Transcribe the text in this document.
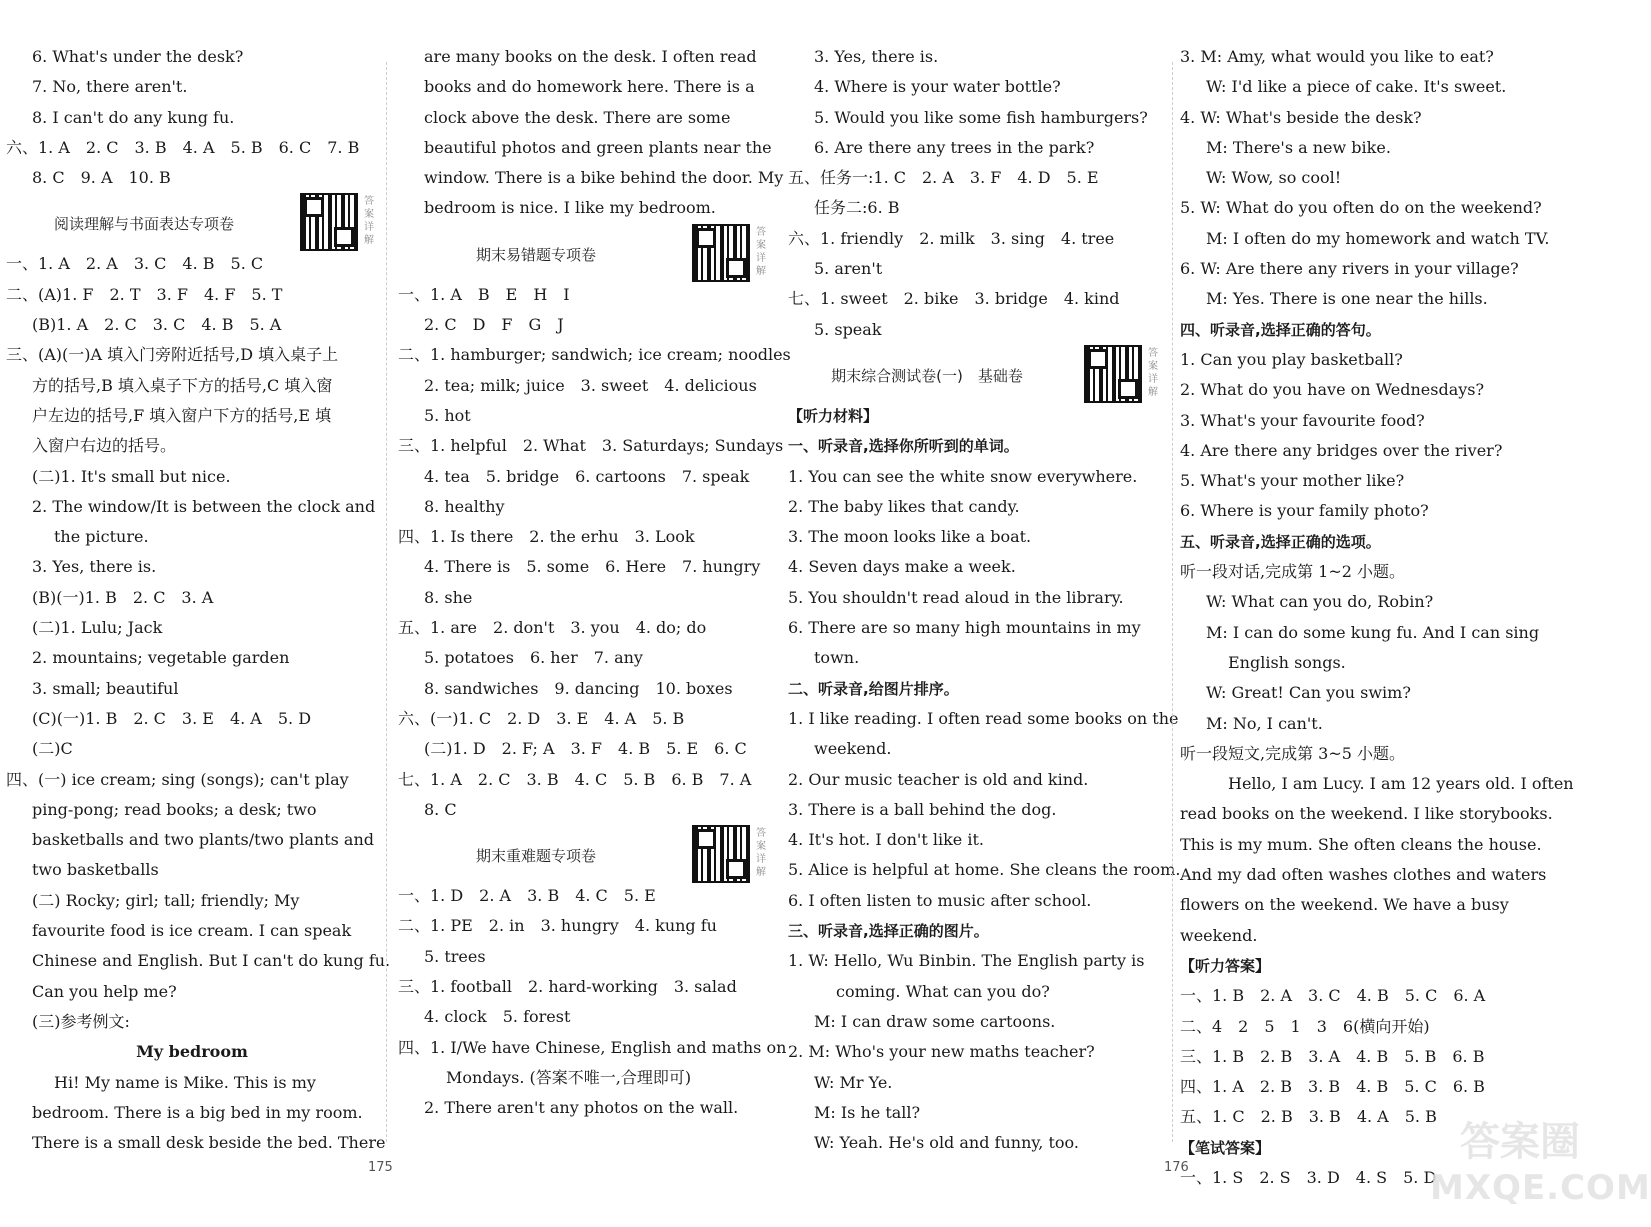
6. What's under the desk?
7. No, there aren't.
8. I can't do any kung fu.
六、1. A　2. C　3. B　4. A　5. B　6. C　7. B
8. C　9. A　10. B
阅读理解与书面表达专项卷
答案详解
一、1. A　2. A　3. C　4. B　5. C
二、(A)1. F　2. T　3. F　4. F　5. T
(B)1. A　2. C　3. C　4. B　5. A
三、(A)(一)A 填入门旁附近括号,D 填入桌子上
方的括号,B 填入桌子下方的括号,C 填入窗
户左边的括号,F 填入窗户下方的括号,E 填
入窗户右边的括号。
(二)1. It's small but nice.
2. The window/It is between the clock and
the picture.
3. Yes, there is.
(B)(一)1. B　2. C　3. A
(二)1. Lulu; Jack
2. mountains; vegetable garden
3. small; beautiful
(C)(一)1. B　2. C　3. E　4. A　5. D
(二)C
四、(一) ice cream; sing (songs); can't play
ping-pong; read books; a desk; two
basketballs and two plants/two plants and
two basketballs
(二) Rocky; girl; tall; friendly; My
favourite food is ice cream. I can speak
Chinese and English. But I can't do kung fu.
Can you help me?
(三)参考例文:
My bedroom
Hi! My name is Mike. This is my
bedroom. There is a big bed in my room.
There is a small desk beside the bed. There
are many books on the desk. I often read
books and do homework here. There is a
clock above the desk. There are some
beautiful photos and green plants near the
window. There is a bike behind the door. My
bedroom is nice. I like my bedroom.
期末易错题专项卷
答案详解
一、1. A　B　E　H　I
2. C　D　F　G　J
二、1. hamburger; sandwich; ice cream; noodles
2. tea; milk; juice　3. sweet　4. delicious
5. hot
三、1. helpful　2. What　3. Saturdays; Sundays
4. tea　5. bridge　6. cartoons　7. speak
8. healthy
四、1. Is there　2. the erhu　3. Look
4. There is　5. some　6. Here　7. hungry
8. she
五、1. are　2. don't　3. you　4. do; do
5. potatoes　6. her　7. any
8. sandwiches　9. dancing　10. boxes
六、(一)1. C　2. D　3. E　4. A　5. B
(二)1. D　2. F; A　3. F　4. B　5. E　6. C
七、1. A　2. C　3. B　4. C　5. B　6. B　7. A
8. C
期末重难题专项卷
答案详解
一、1. D　2. A　3. B　4. C　5. E
二、1. PE　2. in　3. hungry　4. kung fu
5. trees
三、1. football　2. hard-working　3. salad
4. clock　5. forest
四、1. I/We have Chinese, English and maths on
Mondays. (答案不唯一,合理即可)
2. There aren't any photos on the wall.
3. Yes, there is.
4. Where is your water bottle?
5. Would you like some fish hamburgers?
6. Are there any trees in the park?
五、任务一:1. C　2. A　3. F　4. D　5. E
任务二:6. B
六、1. friendly　2. milk　3. sing　4. tree
5. aren't
七、1. sweet　2. bike　3. bridge　4. kind
5. speak
期末综合测试卷(一)　基础卷
答案详解
【听力材料】
一、听录音,选择你所听到的单词。
1. You can see the white snow everywhere.
2. The baby likes that candy.
3. The moon looks like a boat.
4. Seven days make a week.
5. You shouldn't read aloud in the library.
6. There are so many high mountains in my
town.
二、听录音,给图片排序。
1. I like reading. I often read some books on the
weekend.
2. Our music teacher is old and kind.
3. There is a ball behind the dog.
4. It's hot. I don't like it.
5. Alice is helpful at home. She cleans the room.
6. I often listen to music after school.
三、听录音,选择正确的图片。
1. W: Hello, Wu Binbin. The English party is
coming. What can you do?
M: I can draw some cartoons.
2. M: Who's your new maths teacher?
W: Mr Ye.
M: Is he tall?
W: Yeah. He's old and funny, too.
3. M: Amy, what would you like to eat?
W: I'd like a piece of cake. It's sweet.
4. W: What's beside the desk?
M: There's a new bike.
W: Wow, so cool!
5. W: What do you often do on the weekend?
M: I often do my homework and watch TV.
6. W: Are there any rivers in your village?
M: Yes. There is one near the hills.
四、听录音,选择正确的答句。
1. Can you play basketball?
2. What do you have on Wednesdays?
3. What's your favourite food?
4. Are there any bridges over the river?
5. What's your mother like?
6. Where is your family photo?
五、听录音,选择正确的选项。
听一段对话,完成第 1~2 小题。
W: What can you do, Robin?
M: I can do some kung fu. And I can sing
English songs.
W: Great! Can you swim?
M: No, I can't.
听一段短文,完成第 3~5 小题。
Hello, I am Lucy. I am 12 years old. I often
read books on the weekend. I like storybooks.
This is my mum. She often cleans the house.
And my dad often washes clothes and waters
flowers on the weekend. We have a busy
weekend.
【听力答案】
一、1. B　2. A　3. C　4. B　5. C　6. A
二、4　2　5　1　3　6(横向开始)
三、1. B　2. B　3. A　4. B　5. B　6. B
四、1. A　2. B　3. B　4. B　5. C　6. B
五、1. C　2. B　3. B　4. A　5. B
【笔试答案】
一、1. S　2. S　3. D　4. S　5. D
175	176
答案圈
MXQE.COM
